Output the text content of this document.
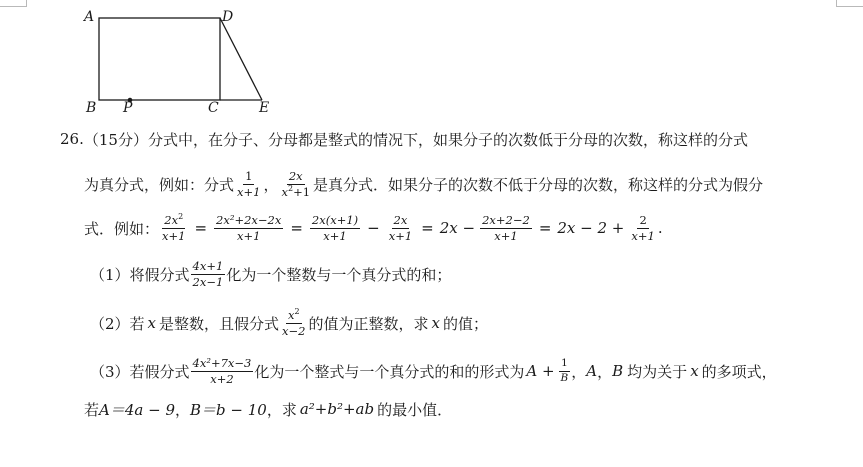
A	D
B P	C	E
26. （15分） 分式中，在分子、分母都是整式的情况下，如果分子的次数低于分母的次数，称这样的分式
为真分式，例如：分式 $\frac{1}{x+1}$ ， $\frac{2x}{x^2+1}$ 是真分式．如果分子的次数不低于分母的次数，称这样的分式为假分
式．例如： $\frac{2x^2}{x+1} = \frac{\text{2x²+2x−2x}}{x+1} = \frac{2x(x+1)}{x+1} - \frac{2x}{x+1} = 2x - \frac{2x+2-2}{x+1} = 2x - 2 + \frac{2}{x+1}$ .
（1）将假分式 $\frac{4x+1}{2x-1}$ 化为一个整数与一个真分式的和；
（2）若 x 是整数，且假分式 $\frac{x^2}{x-2}$ 的值为正整数，求 x 的值；
（3）若假分式 $\frac{\text{4x²+7x−3}}{x+2}$ 化为一个整式与一个真分式的和的形式为 $A + \frac{1}{B}$ ， A ， B 均为关于 x 的多项式，
若 A＝4a − 9 ， B＝b − 10 ，求 a²+b²+ab 的最小值．
